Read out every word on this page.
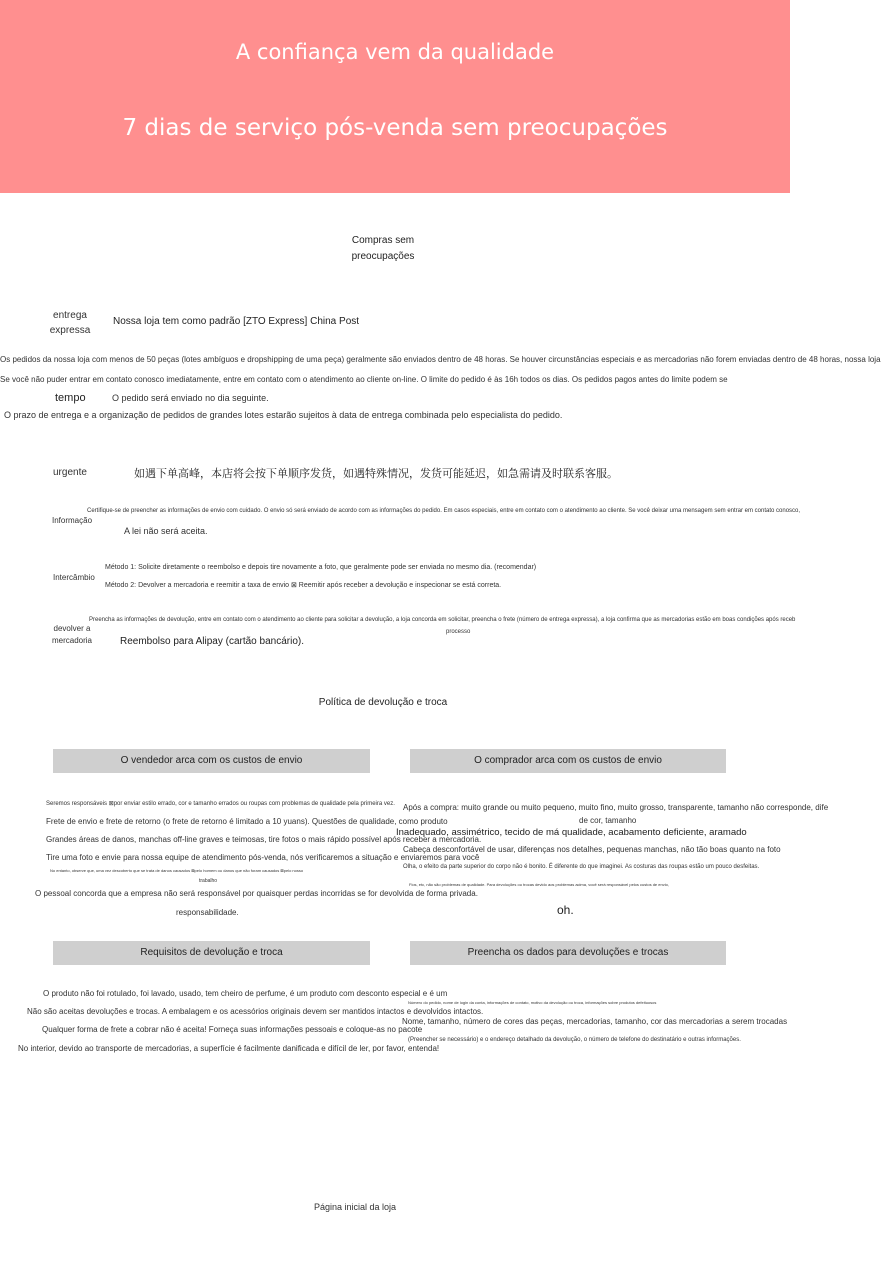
A confiança vem da qualidade
7 dias de serviço pós-venda sem preocupações
Compras sem
preocupações
entrega
expressa
Nossa loja tem como padrão [ZTO Express] China Post
Os pedidos da nossa loja com menos de 50 peças (lotes ambíguos e dropshipping de uma peça) geralmente são enviados dentro de 48 horas. Se houver circunstâncias especiais e as mercadorias não forem enviadas dentro de 48 horas, nossa loja
Se você não puder entrar em contato conosco imediatamente, entre em contato com o atendimento ao cliente on-line. O limite do pedido é às 16h todos os dias. Os pedidos pagos antes do limite podem se
tempo	O pedido será enviado no dia seguinte.
O prazo de entrega e a organização de pedidos de grandes lotes estarão sujeitos à data de entrega combinada pelo especialista do pedido.
urgente	如遇下单高峰，本店将会按下单顺序发货，如遇特殊情况，发货可能延迟，如急需请及时联系客服。
Informação
Certifique-se de preencher as informações de envio com cuidado. O envio só será enviado de acordo com as informações do pedido. Em casos especiais, entre em contato com o atendimento ao cliente. Se você deixar uma mensagem sem entrar em contato conosco,
A lei não será aceita.
Intercâmbio
Método 1: Solicite diretamente o reembolso e depois tire novamente a foto, que geralmente pode ser enviada no mesmo dia. (recomendar)
Método 2: Devolver a mercadoria e reemitir a taxa de envio ⊠ Reemitir após receber a devolução e inspecionar se está correta.
devolver a
mercadoria
Preencha as informações de devolução, entre em contato com o atendimento ao cliente para solicitar a devolução, a loja concorda em solicitar, preencha o frete (número de entrega expressa), a loja confirma que as mercadorias estão em boas condições após receb
processo
Reembolso para Alipay (cartão bancário).
Política de devolução e troca
O vendedor arca com os custos de envio	O comprador arca com os custos de envio
Seremos responsáveis ⊠por enviar estilo errado, cor e tamanho errados ou roupas com problemas de qualidade pela primeira vez.
Frete de envio e frete de retorno (o frete de retorno é limitado a 10 yuans). Questões de qualidade, como produto
Grandes áreas de danos, manchas off-line graves e teimosas, tire fotos o mais rápido possível após receber a mercadoria.
Tire uma foto e envie para nossa equipe de atendimento pós-venda, nós verificaremos a situação e enviaremos para você
No entanto, observe que, uma vez descoberto que se trata de danos causados ⊠pelo homem ou danos que não foram causados ⊠pelo nosso
trabalho
O pessoal concorda que a empresa não será responsável por quaisquer perdas incorridas se for devolvida de forma privada.
responsabilidade.
Após a compra: muito grande ou muito pequeno, muito fino, muito grosso, transparente, tamanho não corresponde, dife
de cor, tamanho
Inadequado, assimétrico, tecido de má qualidade, acabamento deficiente, aramado
Cabeça desconfortável de usar, diferenças nos detalhes, pequenas manchas, não tão boas quanto na foto
Olha, o efeito da parte superior do corpo não é bonito. É diferente do que imaginei. As costuras das roupas estão um pouco desfeitas.
Fios, etc, não são problemas de qualidade. Para devoluções ou trocas devido aos problemas acima, você será responsável pelos custos de envio,
oh.
Requisitos de devolução e troca	Preencha os dados para devoluções e trocas
O produto não foi rotulado, foi lavado, usado, tem cheiro de perfume, é um produto com desconto especial e é um
Não são aceitas devoluções e trocas. A embalagem e os acessórios originais devem ser mantidos intactos e devolvidos intactos.
Qualquer forma de frete a cobrar não é aceita! Forneça suas informações pessoais e coloque-as no pacote
No interior, devido ao transporte de mercadorias, a superfície é facilmente danificada e difícil de ler, por favor, entenda!
Número do pedido, nome de login da conta, informações de contato, motivo da devolução ou troca, informações sobre produtos defeituosos
Nome, tamanho, número de cores das peças, mercadorias, tamanho, cor das mercadorias a serem trocadas
(Preencher se necessário) e o endereço detalhado da devolução, o número de telefone do destinatário e outras informações.
Página inicial da loja
